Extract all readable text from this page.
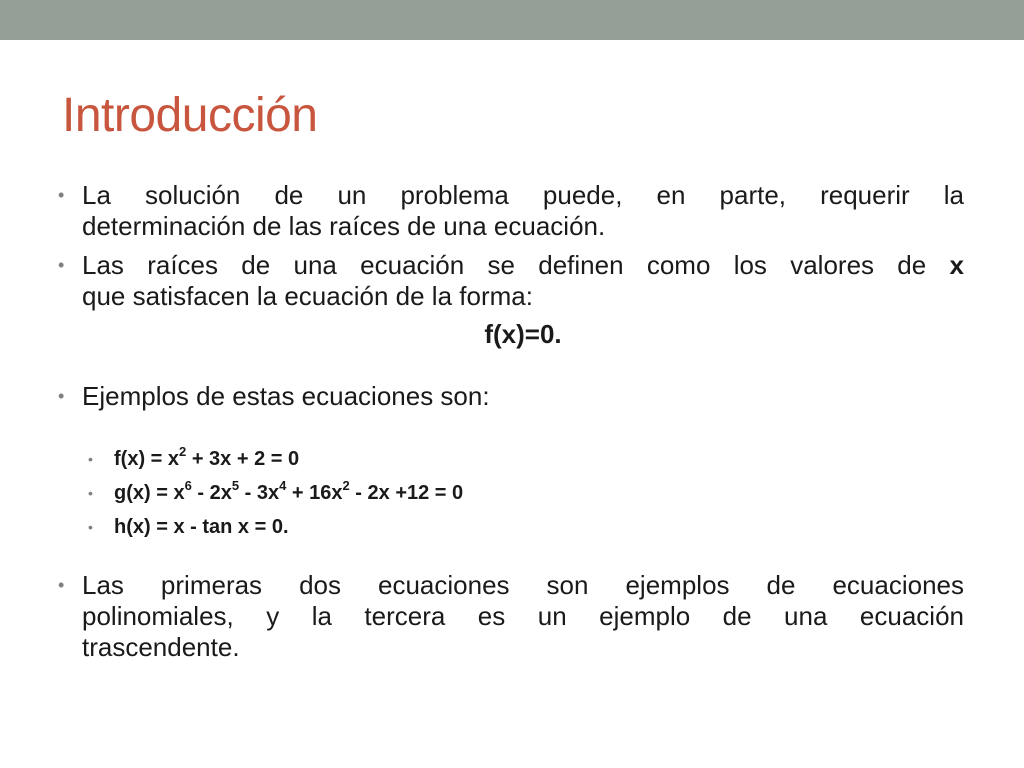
Introducción
• La solución de un problema puede, en parte, requerir la
determinación de las raíces de una ecuación.
• Las raíces de una ecuación se definen como los valores de x
que satisfacen la ecuación de la forma:

f(x)=0.

• Ejemplos de estas ecuaciones son:

• $f(x) = x^2 + 3x + 2 = 0$

• $g(x) = x^6 - 2x^5 - 3x^4 + 16x^2 - 2x +12 = 0$

• h(x) = x - tan x = 0.

• Las primeras dos ecuaciones son ejemplos de ecuaciones
polinomiales, y la tercera es un ejemplo de una ecuación
trascendente.
